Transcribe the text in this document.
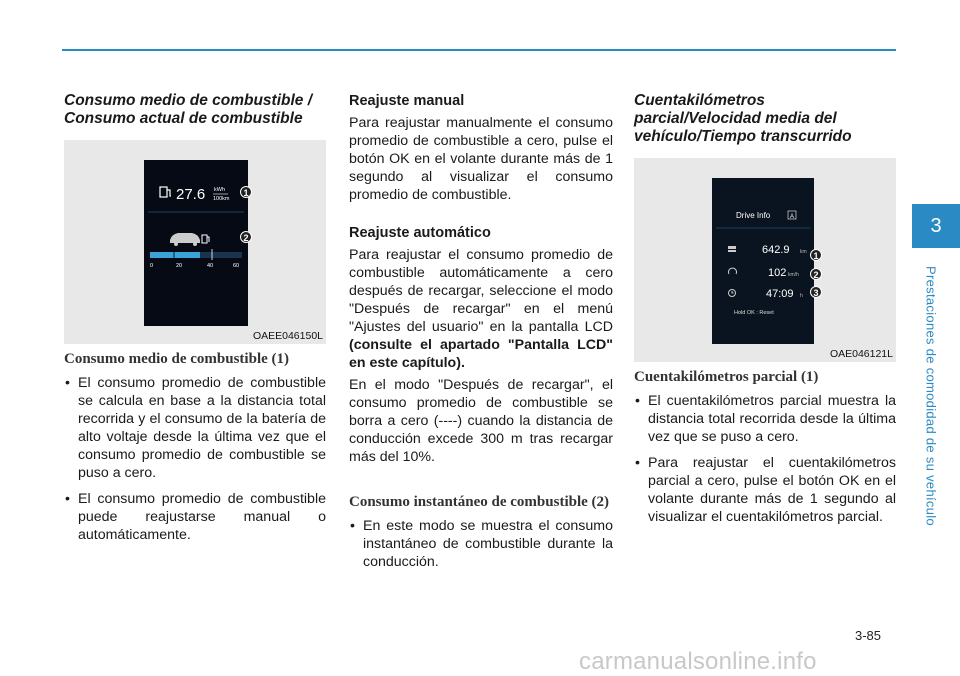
Consumo medio de combustible / Consumo actual de combustible
27.6 kWh
100km
0	20	40	60
1
2
OAEE046150L
Consumo medio de combustible (1)
• El consumo promedio de combustible se calcula en base a la distancia total recorrida y el consumo de la batería de alto voltaje desde la última vez que el consumo promedio de combustible se puso a cero.
• El consumo promedio de combustible puede reajustarse manual o automáticamente.
Reajuste manual

Para reajustar manualmente el consumo promedio de combustible a cero, pulse el botón OK en el volante durante más de 1 segundo al visualizar el consumo promedio de combustible.

Reajuste automático

Para reajustar el consumo promedio de combustible automáticamente a cero después de recargar, seleccione el modo "Después de recargar" en el menú "Ajustes del usuario" en la pantalla LCD (consulte el apartado "Pantalla LCD" en este capítulo).

En el modo "Después de recargar", el consumo promedio de combustible se borra a cero (----) cuando la distancia de conducción excede 300 m tras recargar más del 10%.

Consumo instantáneo de combustible (2)
• En este modo se muestra el consumo instantáneo de combustible durante la conducción.
Cuentakilómetros parcial/Velocidad media del vehículo/Tiempo transcurrido
Drive Info	A
642.9 km
102 km/h
47:09 h
Hold OK : Reset
1
2
3
OAE046121L
Cuentakilómetros parcial (1)
• El cuentakilómetros parcial muestra la distancia total recorrida desde la última vez que se puso a cero.
• Para reajustar el cuentakilómetros parcial a cero, pulse el botón OK en el volante durante más de 1 segundo al visualizar el cuentakilómetros parcial.
3
Prestaciones de comodidad de su vehículo
3-85
carmanualsonline.info
